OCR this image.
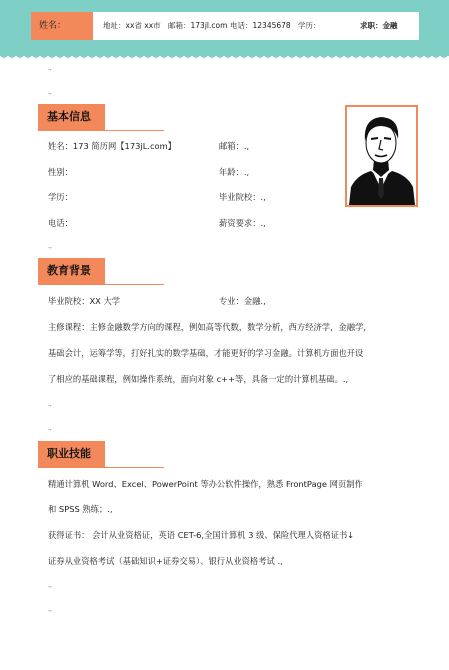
姓名：	地址：xx省 xx市 邮箱：173jl.com 电话：12345678 学历：	求职：金融
.,
.,
基本信息
姓名：173 简历网【173jL.com】	邮箱：.,
性别：	年龄：.,
学历：	毕业院校：.,
电话：	薪资要求：.,
.,
教育背景
毕业院校：XX 大学	专业：金融.,
主修课程：主修金融数学方向的课程，例如高等代数，数学分析，西方经济学，金融学，
基础会计，运筹学等，打好扎实的数学基础，才能更好的学习金融。计算机方面也开设
了相应的基础课程，例如操作系统，面向对象 c++等，具备一定的计算机基础。.,
.,
.,
职业技能
精通计算机 Word、Excel、PowerPoint 等办公软件操作，熟悉 FrontPage 网页制作
和 SPSS 熟练；.,
获得证书： 会计从业资格证，英语 CET-6,全国计算机 3 级、保险代理人资格证书↓
证券从业资格考试（基础知识+证券交易）、银行从业资格考试 .,
.,
.,
